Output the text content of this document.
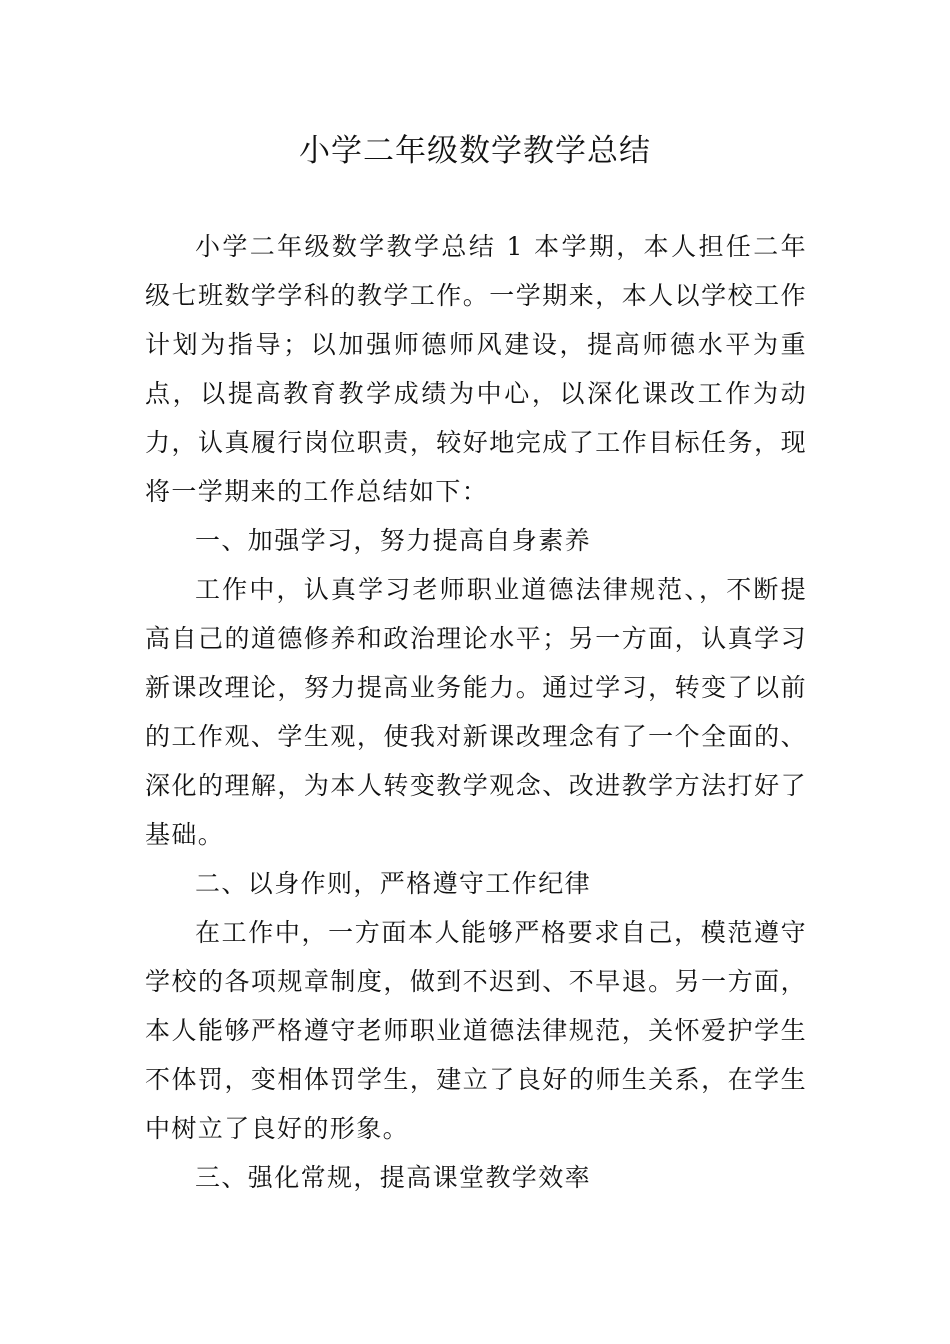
小学二年级数学教学总结

小学二年级数学教学总结 1 本学期，本人担任二年级七班数学学科的教学工作。一学期来，本人以学校工作计划为指导；以加强师德师风建设，提高师德水平为重点，以提高教育教学成绩为中心，以深化课改工作为动力，认真履行岗位职责，较好地完成了工作目标任务，现将一学期来的工作总结如下：

一、加强学习，努力提高自身素养

工作中，认真学习老师职业道德法律规范、，不断提高自己的道德修养和政治理论水平；另一方面，认真学习新课改理论，努力提高业务能力。通过学习，转变了以前的工作观、学生观，使我对新课改理念有了一个全面的、深化的理解，为本人转变教学观念、改进教学方法打好了基础。

二、以身作则，严格遵守工作纪律

在工作中，一方面本人能够严格要求自己，模范遵守学校的各项规章制度，做到不迟到、不早退。另一方面，本人能够严格遵守老师职业道德法律规范，关怀爱护学生不体罚，变相体罚学生，建立了良好的师生关系，在学生中树立了良好的形象。

三、强化常规，提高课堂教学效率
